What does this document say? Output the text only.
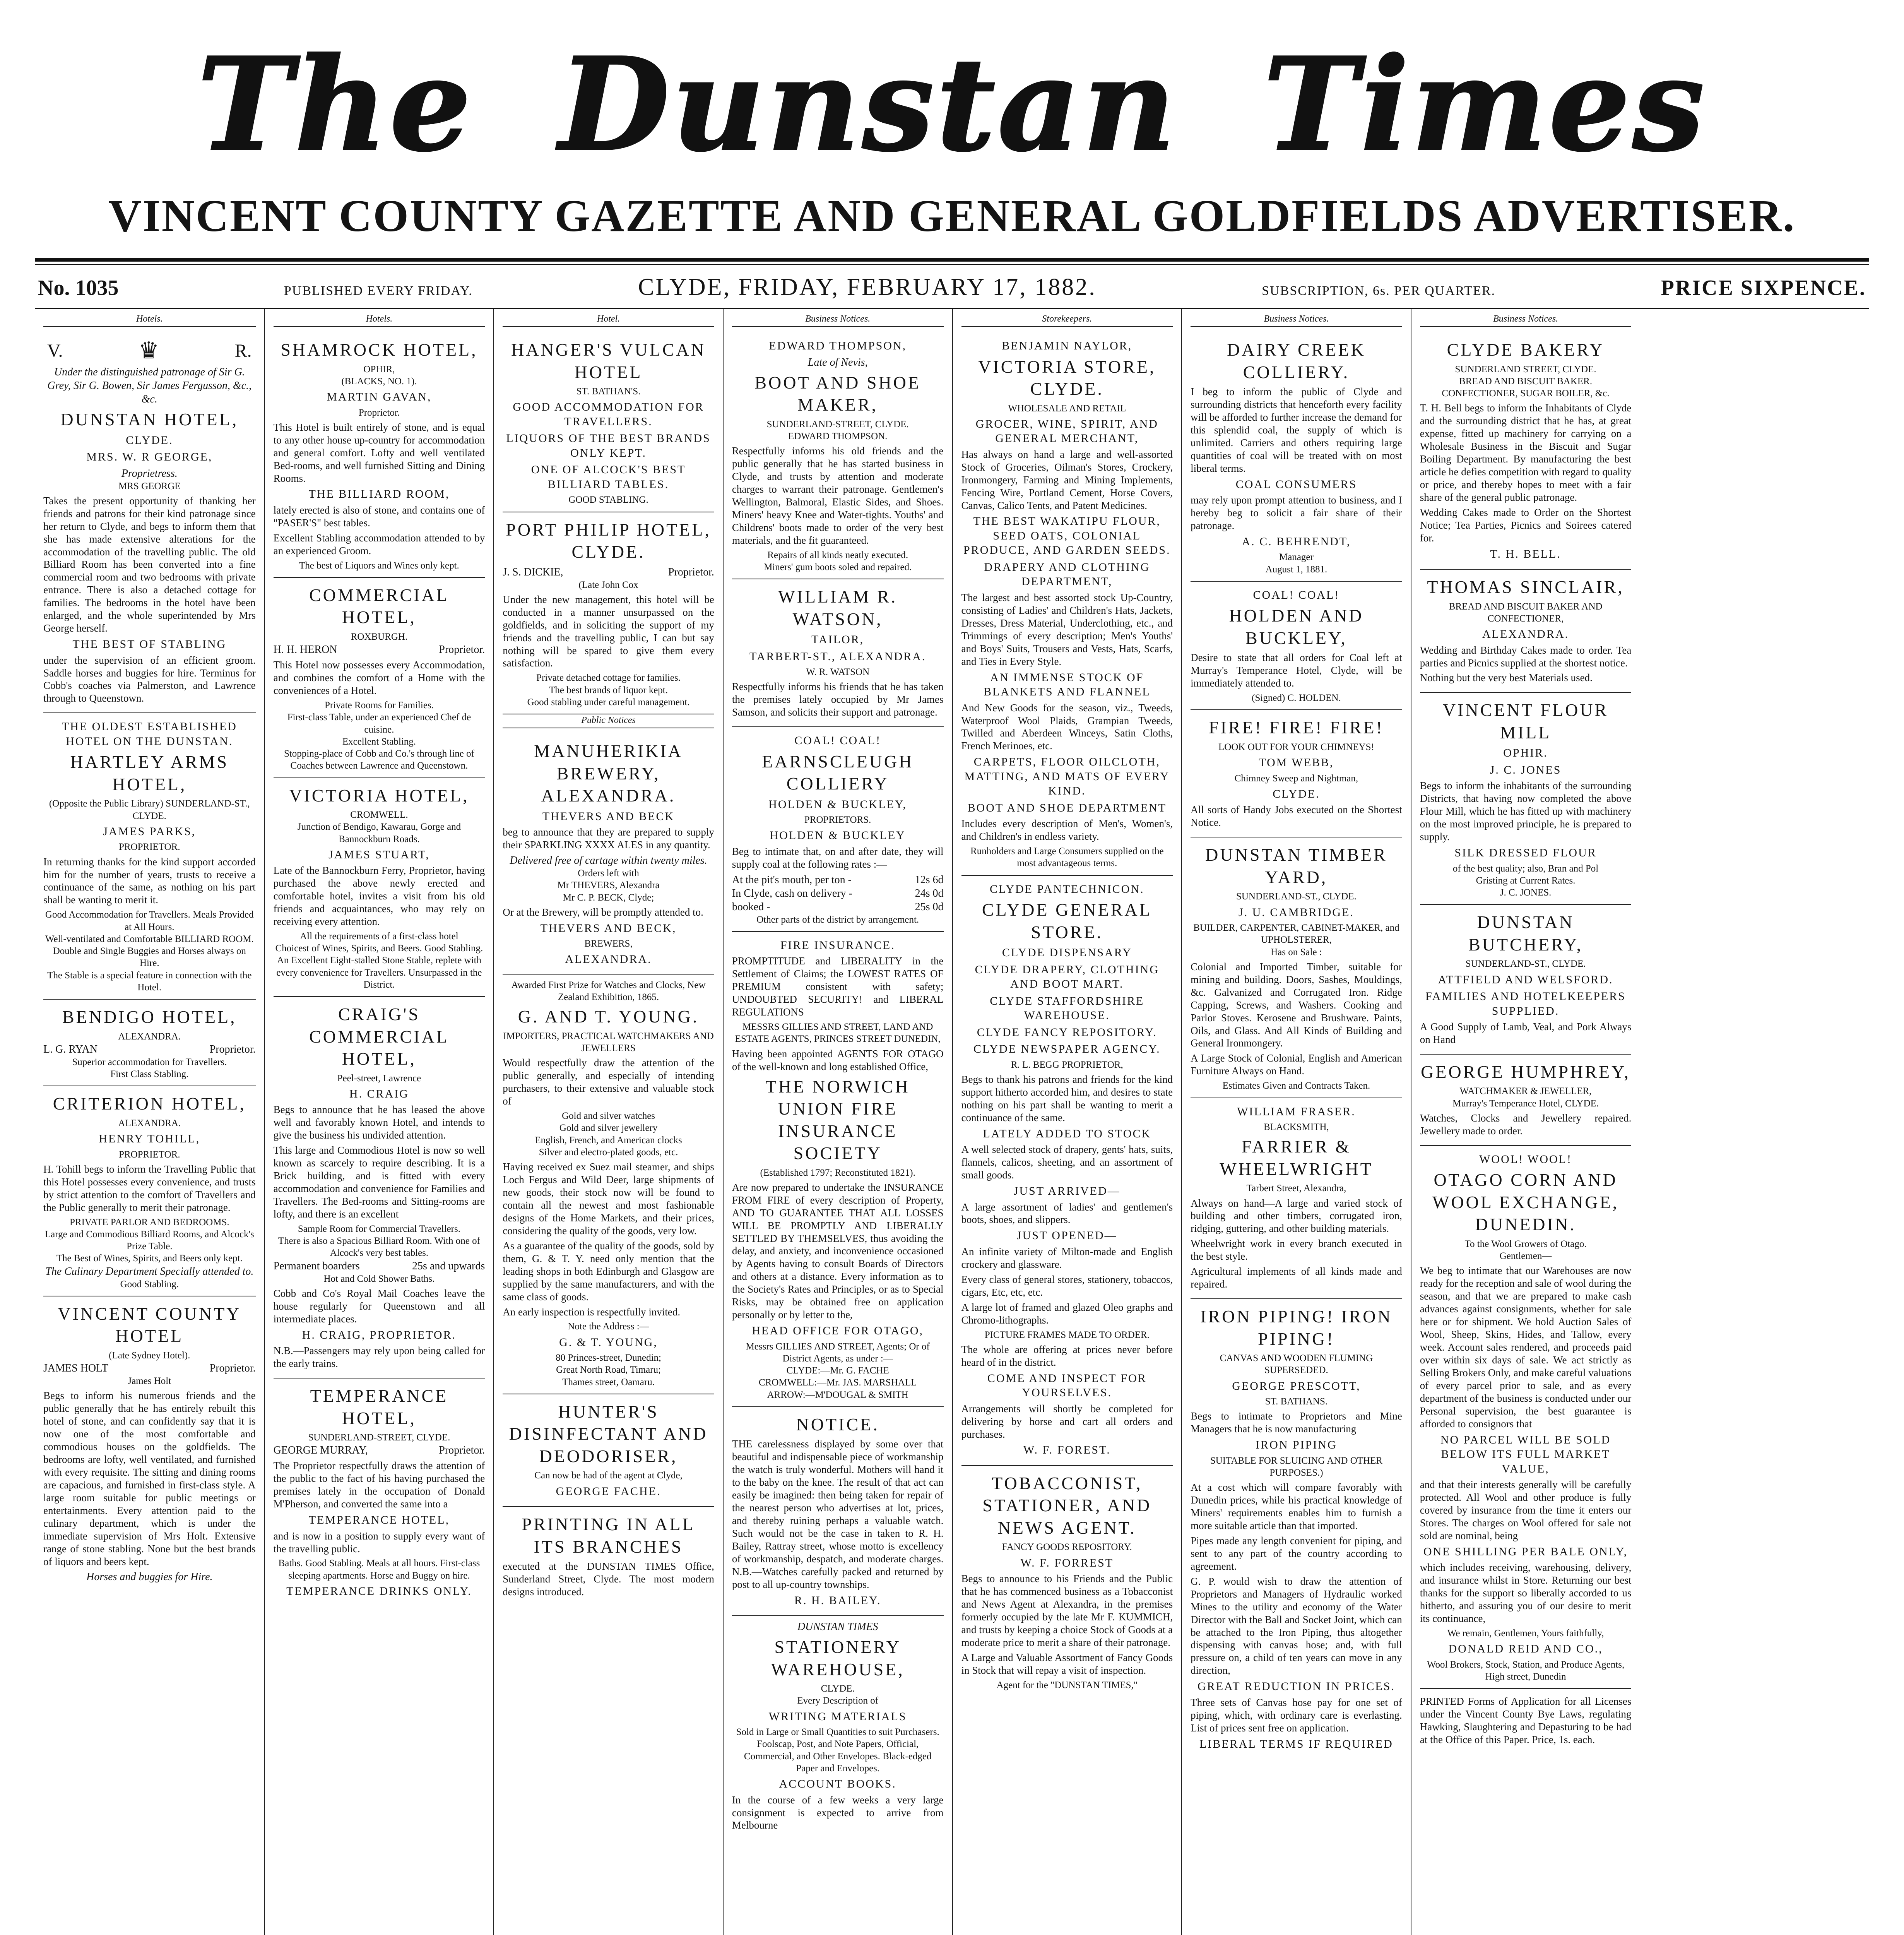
The Dunstan Times
VINCENT COUNTY GAZETTE AND GENERAL GOLDFIELDS ADVERTISER.
No. 1035	PUBLISHED EVERY FRIDAY.	CLYDE, FRIDAY, FEBRUARY 17, 1882.	SUBSCRIPTION, 6s. PER QUARTER.	PRICE SIXPENCE.
Hotels.
V.	♛	R.
Under the distinguished patronage of Sir G. Grey, Sir G. Bowen, Sir James Fergusson, &c., &c.
DUNSTAN HOTEL,
CLYDE.
MRS. W. R GEORGE,
Proprietress.
MRS GEORGE
Takes the present opportunity of thanking her friends and patrons for their kind patronage since her return to Clyde, and begs to inform them that she has made extensive alterations for the accommodation of the travelling public. The old Billiard Room has been converted into a fine commercial room and two bedrooms with private entrance. There is also a detached cottage for families. The bedrooms in the hotel have been enlarged, and the whole superintended by Mrs George herself.
THE BEST OF STABLING
under the supervision of an efficient groom. Saddle horses and buggies for hire. Terminus for Cobb's coaches via Palmerston, and Lawrence through to Queenstown.
THE OLDEST ESTABLISHED HOTEL ON THE DUNSTAN.
HARTLEY ARMS HOTEL,
(Opposite the Public Library) SUNDERLAND-ST., CLYDE.
JAMES PARKS,
PROPRIETOR.
In returning thanks for the kind support accorded him for the number of years, trusts to receive a continuance of the same, as nothing on his part shall be wanting to merit it.
Good Accommodation for Travellers. Meals Provided at All Hours.
Well-ventilated and Comfortable BILLIARD ROOM.
Double and Single Buggies and Horses always on Hire.
The Stable is a special feature in connection with the Hotel.
BENDIGO HOTEL,
ALEXANDRA.
L. G. RYAN	Proprietor.
Superior accommodation for Travellers.
First Class Stabling.
CRITERION HOTEL,
ALEXANDRA.
HENRY TOHILL,
PROPRIETOR.
H. Tohill begs to inform the Travelling Public that this Hotel possesses every convenience, and trusts by strict attention to the comfort of Travellers and the Public generally to merit their patronage.
PRIVATE PARLOR AND BEDROOMS.
Large and Commodious Billiard Rooms, and Alcock's Prize Table.
The Best of Wines, Spirits, and Beers only kept.
The Culinary Department Specially attended to.
Good Stabling.
VINCENT COUNTY HOTEL
(Late Sydney Hotel).
JAMES HOLT	Proprietor.
James Holt
Begs to inform his numerous friends and the public generally that he has entirely rebuilt this hotel of stone, and can confidently say that it is now one of the most comfortable and commodious houses on the goldfields. The bedrooms are lofty, well ventilated, and furnished with every requisite. The sitting and dining rooms are capacious, and furnished in first-class style. A large room suitable for public meetings or entertainments. Every attention paid to the culinary department, which is under the immediate supervision of Mrs Holt. Extensive range of stone stabling. None but the best brands of liquors and beers kept.
Horses and buggies for Hire.
Hotels.
SHAMROCK HOTEL,
OPHIR,
(BLACKS, NO. 1).
MARTIN GAVAN,
Proprietor.
This Hotel is built entirely of stone, and is equal to any other house up-country for accommodation and general comfort. Lofty and well ventilated Bed-rooms, and well furnished Sitting and Dining Rooms.
THE BILLIARD ROOM,
lately erected is also of stone, and contains one of "PASER'S" best tables.
Excellent Stabling accommodation attended to by an experienced Groom.
The best of Liquors and Wines only kept.
COMMERCIAL HOTEL,
ROXBURGH.
H. H. HERON	Proprietor.
This Hotel now possesses every Accommodation, and combines the comfort of a Home with the conveniences of a Hotel.
Private Rooms for Families.
First-class Table, under an experienced Chef de cuisine.
Excellent Stabling.
Stopping-place of Cobb and Co.'s through line of Coaches between Lawrence and Queenstown.
VICTORIA HOTEL,
CROMWELL.
Junction of Bendigo, Kawarau, Gorge and Bannockburn Roads.
JAMES STUART,
Late of the Bannockburn Ferry, Proprietor, having purchased the above newly erected and comfortable hotel, invites a visit from his old friends and acquaintances, who may rely on receiving every attention.
All the requirements of a first-class hotel
Choicest of Wines, Spirits, and Beers. Good Stabling.
An Excellent Eight-stalled Stone Stable, replete with every convenience for Travellers. Unsurpassed in the District.
CRAIG'S COMMERCIAL HOTEL,
Peel-street, Lawrence
H. CRAIG
Begs to announce that he has leased the above well and favorably known Hotel, and intends to give the business his undivided attention.
This large and Commodious Hotel is now so well known as scarcely to require describing. It is a Brick building, and is fitted with every accommodation and convenience for Families and Travellers. The Bed-rooms and Sitting-rooms are lofty, and there is an excellent
Sample Room for Commercial Travellers.
There is also a Spacious Billiard Room. With one of Alcock's very best tables.
Permanent boarders	25s and upwards
Hot and Cold Shower Baths.
Cobb and Co's Royal Mail Coaches leave the house regularly for Queenstown and all intermediate places.
H. CRAIG, PROPRIETOR.
N.B.—Passengers may rely upon being called for the early trains.
TEMPERANCE HOTEL,
SUNDERLAND-STREET, CLYDE.
GEORGE MURRAY,	Proprietor.
The Proprietor respectfully draws the attention of the public to the fact of his having purchased the premises lately in the occupation of Donald M'Pherson, and converted the same into a
TEMPERANCE HOTEL,
and is now in a position to supply every want of the travelling public.
Baths. Good Stabling. Meals at all hours. First-class sleeping apartments. Horse and Buggy on hire.
TEMPERANCE DRINKS ONLY.
Hotel.
HANGER'S VULCAN HOTEL
ST. BATHAN'S.
GOOD ACCOMMODATION FOR TRAVELLERS.
LIQUORS OF THE BEST BRANDS ONLY KEPT.
ONE OF ALCOCK'S BEST BILLIARD TABLES.
GOOD STABLING.
PORT PHILIP HOTEL, CLYDE.
J. S. DICKIE,	Proprietor.
(Late John Cox
Under the new management, this hotel will be conducted in a manner unsurpassed on the goldfields, and in soliciting the support of my friends and the travelling public, I can but say nothing will be spared to give them every satisfaction.
Private detached cottage for families.
The best brands of liquor kept.
Good stabling under careful management.
Public Notices
MANUHERIKIA BREWERY, ALEXANDRA.
THEVERS AND BECK
beg to announce that they are prepared to supply their SPARKLING XXXX ALES in any quantity.
Delivered free of cartage within twenty miles.
Orders left with
Mr THEVERS, Alexandra
Mr C. P. BECK, Clyde;
Or at the Brewery, will be promptly attended to.
THEVERS AND BECK,
BREWERS,
ALEXANDRA.
Awarded First Prize for Watches and Clocks, New Zealand Exhibition, 1865.
G. AND T. YOUNG.
IMPORTERS, PRACTICAL WATCHMAKERS AND JEWELLERS
Would respectfully draw the attention of the public generally, and especially of intending purchasers, to their extensive and valuable stock of
Gold and silver watches
Gold and silver jewellery
English, French, and American clocks
Silver and electro-plated goods, etc.
Having received ex Suez mail steamer, and ships Loch Fergus and Wild Deer, large shipments of new goods, their stock now will be found to contain all the newest and most fashionable designs of the Home Markets, and their prices, considering the quality of the goods, very low.
As a guarantee of the quality of the goods, sold by them, G. & T. Y. need only mention that the leading shops in both Edinburgh and Glasgow are supplied by the same manufacturers, and with the same class of goods.
An early inspection is respectfully invited.
Note the Address :—
G. & T. YOUNG,
80 Princes-street, Dunedin;
Great North Road, Timaru;
Thames street, Oamaru.
HUNTER'S DISINFECTANT AND DEODORISER,
Can now be had of the agent at Clyde,
GEORGE FACHE.
PRINTING IN ALL ITS BRANCHES
executed at the DUNSTAN TIMES Office, Sunderland Street, Clyde. The most modern designs introduced.
Business Notices.
EDWARD THOMPSON,
Late of Nevis,
BOOT AND SHOE MAKER,
SUNDERLAND-STREET, CLYDE.
EDWARD THOMPSON.
Respectfully informs his old friends and the public generally that he has started business in Clyde, and trusts by attention and moderate charges to warrant their patronage. Gentlemen's Wellington, Balmoral, Elastic Sides, and Shoes. Miners' heavy Knee and Water-tights. Youths' and Childrens' boots made to order of the very best materials, and the fit guaranteed.
Repairs of all kinds neatly executed.
Miners' gum boots soled and repaired.
WILLIAM R. WATSON,
TAILOR,
TARBERT-ST., ALEXANDRA.
W. R. WATSON
Respectfully informs his friends that he has taken the premises lately occupied by Mr James Samson, and solicits their support and patronage.
COAL! COAL!
EARNSCLEUGH COLLIERY
HOLDEN & BUCKLEY,
PROPRIETORS.
HOLDEN & BUCKLEY
Beg to intimate that, on and after date, they will supply coal at the following rates :—
At the pit's mouth, per ton -	12s 6d
In Clyde, cash on delivery -	24s 0d
booked -	25s 0d
Other parts of the district by arrangement.
FIRE INSURANCE.
PROMPTITUDE and LIBERALITY in the Settlement of Claims; the LOWEST RATES OF PREMIUM consistent with safety; UNDOUBTED SECURITY! and LIBERAL REGULATIONS
MESSRS GILLIES AND STREET, LAND AND ESTATE AGENTS, PRINCES STREET DUNEDIN,
Having been appointed AGENTS FOR OTAGO of the well-known and long established Office,
THE NORWICH UNION FIRE INSURANCE SOCIETY
(Established 1797; Reconstituted 1821).
Are now prepared to undertake the INSURANCE FROM FIRE of every description of Property, AND TO GUARANTEE THAT ALL LOSSES WILL BE PROMPTLY AND LIBERALLY SETTLED BY THEMSELVES, thus avoiding the delay, and anxiety, and inconvenience occasioned by Agents having to consult Boards of Directors and others at a distance. Every information as to the Society's Rates and Principles, or as to Special Risks, may be obtained free on application personally or by letter to the,
HEAD OFFICE FOR OTAGO,
Messrs GILLIES AND STREET, Agents; Or of District Agents, as under :—
CLYDE:—Mr. G. FACHE
CROMWELL:—Mr. JAS. MARSHALL
ARROW:—M'DOUGAL & SMITH
NOTICE.
THE carelessness displayed by some over that beautiful and indispensable piece of workmanship the watch is truly wonderful. Mothers will hand it to the baby on the knee. The result of that act can easily be imagined: then being taken for repair of the nearest person who advertises at lot, prices, and thereby ruining perhaps a valuable watch. Such would not be the case in taken to R. H. Bailey, Rattray street, whose motto is excellency of workmanship, despatch, and moderate charges. N.B.—Watches carefully packed and returned by post to all up-country townships.
R. H. BAILEY.
DUNSTAN TIMES
STATIONERY WAREHOUSE,
CLYDE.
Every Description of
WRITING MATERIALS
Sold in Large or Small Quantities to suit Purchasers.
Foolscap, Post, and Note Papers, Official, Commercial, and Other Envelopes. Black-edged Paper and Envelopes.
ACCOUNT BOOKS.
In the course of a few weeks a very large consignment is expected to arrive from Melbourne
Storekeepers.
BENJAMIN NAYLOR,
VICTORIA STORE, CLYDE.
WHOLESALE AND RETAIL
GROCER, WINE, SPIRIT, AND GENERAL MERCHANT,
Has always on hand a large and well-assorted Stock of Groceries, Oilman's Stores, Crockery, Ironmongery, Farming and Mining Implements, Fencing Wire, Portland Cement, Horse Covers, Canvas, Calico Tents, and Patent Medicines.
THE BEST WAKATIPU FLOUR, SEED OATS, COLONIAL PRODUCE, AND GARDEN SEEDS.
DRAPERY AND CLOTHING DEPARTMENT,
The largest and best assorted stock Up-Country, consisting of Ladies' and Children's Hats, Jackets, Dresses, Dress Material, Underclothing, etc., and Trimmings of every description; Men's Youths' and Boys' Suits, Trousers and Vests, Hats, Scarfs, and Ties in Every Style.
AN IMMENSE STOCK OF BLANKETS AND FLANNEL
And New Goods for the season, viz., Tweeds, Waterproof Wool Plaids, Grampian Tweeds, Twilled and Aberdeen Winceys, Satin Cloths, French Merinoes, etc.
CARPETS, FLOOR OILCLOTH, MATTING, AND MATS OF EVERY KIND.
BOOT AND SHOE DEPARTMENT
Includes every description of Men's, Women's, and Children's in endless variety.
Runholders and Large Consumers supplied on the most advantageous terms.
CLYDE PANTECHNICON.
CLYDE GENERAL STORE.
CLYDE DISPENSARY
CLYDE DRAPERY, CLOTHING AND BOOT MART.
CLYDE STAFFORDSHIRE WAREHOUSE.
CLYDE FANCY REPOSITORY.
CLYDE NEWSPAPER AGENCY.
R. L. BEGG PROPRIETOR,
Begs to thank his patrons and friends for the kind support hitherto accorded him, and desires to state nothing on his part shall be wanting to merit a continuance of the same.
LATELY ADDED TO STOCK
A well selected stock of drapery, gents' hats, suits, flannels, calicos, sheeting, and an assortment of small goods.
JUST ARRIVED—
A large assortment of ladies' and gentlemen's boots, shoes, and slippers.
JUST OPENED—
An infinite variety of Milton-made and English crockery and glassware.
Every class of general stores, stationery, tobaccos, cigars, Etc, etc, etc.
A large lot of framed and glazed Oleo graphs and Chromo-lithographs.
PICTURE FRAMES MADE TO ORDER.
The whole are offering at prices never before heard of in the district.
COME AND INSPECT FOR YOURSELVES.
Arrangements will shortly be completed for delivering by horse and cart all orders and purchases.
W. F. FOREST.
TOBACCONIST, STATIONER, AND NEWS AGENT.
FANCY GOODS REPOSITORY.
W. F. FORREST
Begs to announce to his Friends and the Public that he has commenced business as a Tobacconist and News Agent at Alexandra, in the premises formerly occupied by the late Mr F. KUMMICH, and trusts by keeping a choice Stock of Goods at a moderate price to merit a share of their patronage.
A Large and Valuable Assortment of Fancy Goods in Stock that will repay a visit of inspection.
Agent for the "DUNSTAN TIMES,"
Business Notices.
DAIRY CREEK COLLIERY.
I beg to inform the public of Clyde and surrounding districts that henceforth every facility will be afforded to further increase the demand for this splendid coal, the supply of which is unlimited. Carriers and others requiring large quantities of coal will be treated with on most liberal terms.
COAL CONSUMERS
may rely upon prompt attention to business, and I hereby beg to solicit a fair share of their patronage.
A. C. BEHRENDT,
Manager
August 1, 1881.
COAL! COAL!
HOLDEN AND BUCKLEY,
Desire to state that all orders for Coal left at Murray's Temperance Hotel, Clyde, will be immediately attended to.
(Signed) C. HOLDEN.
FIRE! FIRE! FIRE!
LOOK OUT FOR YOUR CHIMNEYS!
TOM WEBB,
Chimney Sweep and Nightman,
CLYDE.
All sorts of Handy Jobs executed on the Shortest Notice.
DUNSTAN TIMBER YARD,
SUNDERLAND-ST., CLYDE.
J. U. CAMBRIDGE.
BUILDER, CARPENTER, CABINET-MAKER, and UPHOLSTERER,
Has on Sale :
Colonial and Imported Timber, suitable for mining and building. Doors, Sashes, Mouldings, &c. Galvanized and Corrugated Iron. Ridge Capping, Screws, and Washers. Cooking and Parlor Stoves. Kerosene and Brushware. Paints, Oils, and Glass. And All Kinds of Building and General Ironmongery.
A Large Stock of Colonial, English and American Furniture Always on Hand.
Estimates Given and Contracts Taken.
WILLIAM FRASER.
BLACKSMITH,
FARRIER & WHEELWRIGHT
Tarbert Street, Alexandra,
Always on hand—A large and varied stock of building and other timbers, corrugated iron, ridging, guttering, and other building materials.
Wheelwright work in every branch executed in the best style.
Agricultural implements of all kinds made and repaired.
IRON PIPING! IRON PIPING!
CANVAS AND WOODEN FLUMING SUPERSEDED.
GEORGE PRESCOTT,
ST. BATHANS.
Begs to intimate to Proprietors and Mine Managers that he is now manufacturing
IRON PIPING
SUITABLE FOR SLUICING AND OTHER PURPOSES.)
At a cost which will compare favorably with Dunedin prices, while his practical knowledge of Miners' requirements enables him to furnish a more suitable article than that imported.
Pipes made any length convenient for piping, and sent to any part of the country according to agreement.
G. P. would wish to draw the attention of Proprietors and Managers of Hydraulic worked Mines to the utility and economy of the Water Director with the Ball and Socket Joint, which can be attached to the Iron Piping, thus altogether dispensing with canvas hose; and, with full pressure on, a child of ten years can move in any direction,
GREAT REDUCTION IN PRICES.
Three sets of Canvas hose pay for one set of piping, which, with ordinary care is everlasting. List of prices sent free on application.
LIBERAL TERMS IF REQUIRED
Business Notices.
CLYDE BAKERY
SUNDERLAND STREET, CLYDE.
BREAD AND BISCUIT BAKER. CONFECTIONER, SUGAR BOILER, &c.
T. H. Bell begs to inform the Inhabitants of Clyde and the surrounding district that he has, at great expense, fitted up machinery for carrying on a Wholesale Business in the Biscuit and Sugar Boiling Department. By manufacturing the best article he defies competition with regard to quality or price, and thereby hopes to meet with a fair share of the general public patronage.
Wedding Cakes made to Order on the Shortest Notice; Tea Parties, Picnics and Soirees catered for.
T. H. BELL.
THOMAS SINCLAIR,
BREAD AND BISCUIT BAKER AND CONFECTIONER,
ALEXANDRA.
Wedding and Birthday Cakes made to order. Tea parties and Picnics supplied at the shortest notice.
Nothing but the very best Materials used.
VINCENT FLOUR MILL
OPHIR.
J. C. JONES
Begs to inform the inhabitants of the surrounding Districts, that having now completed the above Flour Mill, which he has fitted up with machinery on the most improved principle, he is prepared to supply.
SILK DRESSED FLOUR
of the best quality; also, Bran and Pol
Gristing at Current Rates.
J. C. JONES.
DUNSTAN BUTCHERY,
SUNDERLAND-ST., CLYDE.
ATTFIELD AND WELSFORD.
FAMILIES AND HOTELKEEPERS SUPPLIED.
A Good Supply of Lamb, Veal, and Pork Always on Hand
GEORGE HUMPHREY,
WATCHMAKER & JEWELLER,
Murray's Temperance Hotel, CLYDE.
Watches, Clocks and Jewellery repaired. Jewellery made to order.
WOOL! WOOL!
OTAGO CORN AND WOOL EXCHANGE, DUNEDIN.
To the Wool Growers of Otago.
Gentlemen—
We beg to intimate that our Warehouses are now ready for the reception and sale of wool during the season, and that we are prepared to make cash advances against consignments, whether for sale here or for shipment. We hold Auction Sales of Wool, Sheep, Skins, Hides, and Tallow, every week. Account sales rendered, and proceeds paid over within six days of sale. We act strictly as Selling Brokers Only, and make careful valuations of every parcel prior to sale, and as every department of the business is conducted under our Personal supervision, the best guarantee is afforded to consignors that
NO PARCEL WILL BE SOLD BELOW ITS FULL MARKET VALUE,
and that their interests generally will be carefully protected. All Wool and other produce is fully covered by insurance from the time it enters our Stores. The charges on Wool offered for sale not sold are nominal, being
ONE SHILLING PER BALE ONLY,
which includes receiving, warehousing, delivery, and insurance whilst in Store. Returning our best thanks for the support so liberally accorded to us hitherto, and assuring you of our desire to merit its continuance,
We remain, Gentlemen, Yours faithfully,
DONALD REID AND CO.,
Wool Brokers, Stock, Station, and Produce Agents, High street, Dunedin
PRINTED Forms of Application for all Licenses under the Vincent County Bye Laws, regulating Hawking, Slaughtering and Depasturing to be had at the Office of this Paper. Price, 1s. each.
